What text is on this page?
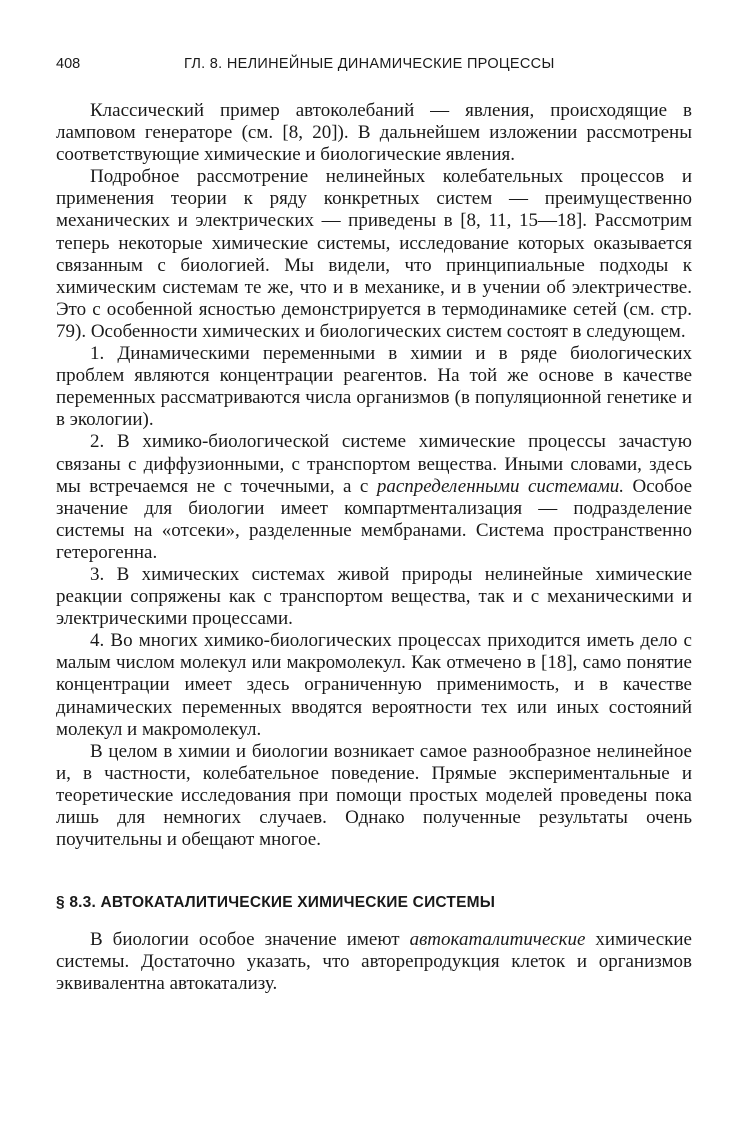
408	ГЛ. 8. НЕЛИНЕЙНЫЕ ДИНАМИЧЕСКИЕ ПРОЦЕССЫ

Классический пример автоколебаний — явления, происходящие в ламповом генераторе (см. [8, 20]). В дальнейшем изложении рассмотрены соответствующие химические и биологические явления.

Подробное рассмотрение нелинейных колебательных процессов и применения теории к ряду конкретных систем — преимущественно механических и электрических — приведены в [8, 11, 15—18]. Рассмотрим теперь некоторые химические системы, исследование которых оказывается связанным с биологией. Мы видели, что принципиальные подходы к химическим системам те же, что и в механике, и в учении об электричестве. Это с особенной ясностью демонстрируется в термодинамике сетей (см. стр. 79). Особенности химических и биологических систем состоят в следующем.

1. Динамическими переменными в химии и в ряде биологических проблем являются концентрации реагентов. На той же основе в качестве переменных рассматриваются числа организмов (в популяционной генетике и в экологии).

2. В химико-биологической системе химические процессы зачастую связаны с диффузионными, с транспортом вещества. Иными словами, здесь мы встречаемся не с точечными, а с распределенными системами. Особое значение для биологии имеет компартментализация — подразделение системы на «отсеки», разделенные мембранами. Система пространственно гетерогенна.

3. В химических системах живой природы нелинейные химические реакции сопряжены как с транспортом вещества, так и с механическими и электрическими процессами.

4. Во многих химико-биологических процессах приходится иметь дело с малым числом молекул или макромолекул. Как отмечено в [18], само понятие концентрации имеет здесь ограниченную применимость, и в качестве динамических переменных вводятся вероятности тех или иных состояний молекул и макромолекул.

В целом в химии и биологии возникает самое разнообразное нелинейное и, в частности, колебательное поведение. Прямые экспериментальные и теоретические исследования при помощи простых моделей проведены пока лишь для немногих случаев. Однако полученные результаты очень поучительны и обещают многое.

§ 8.3. АВТОКАТАЛИТИЧЕСКИЕ ХИМИЧЕСКИЕ СИСТЕМЫ

В биологии особое значение имеют автокаталитические химические системы. Достаточно указать, что авторепродукция клеток и организмов эквивалентна автокатализу.
